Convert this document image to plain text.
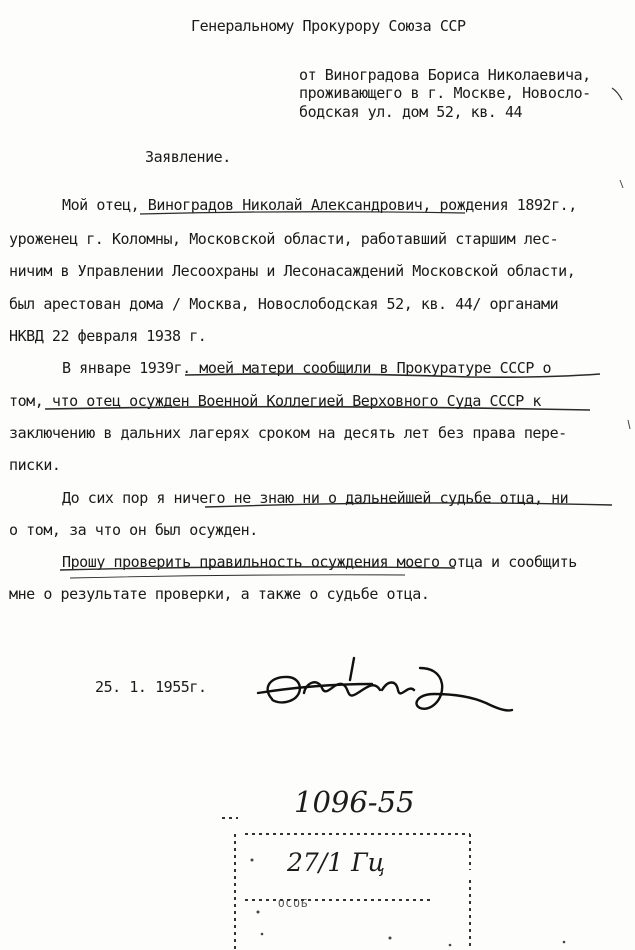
Генеральному Прокурору Союза ССР
от Виноградова Бориса Николаевича,
проживающего в г. Москве, Новосло-
бодская ул. дом 52, кв. 44
Заявление.
Мой отец, Виноградов Николай Александрович, рождения 1892г.,
уроженец г. Коломны, Московской области, работавший старшим лес-
ничим в Управлении Лесоохраны и Лесонасаждений Московской области,
был арестован дома / Москва, Новослободская 52, кв. 44/ органами
НКВД 22 февраля 1938 г.
В январе 1939г. моей матери сообщили в Прокуратуре СССР о
том, что отец осужден Военной Коллегией Верховного Суда СССР к
заключению в дальних лагерях сроком на десять лет без права пере-
писки.
До сих пор я ничего не знаю ни о дальнейшей судьбе отца, ни
о том, за что он был осужден.
Прошу проверить правильность осуждения моего отца и сообщить
мне о результате проверки, а также о судьбе отца.
25. 1. 1955г.
1096-55
27/1 Гц
ОСОБ
